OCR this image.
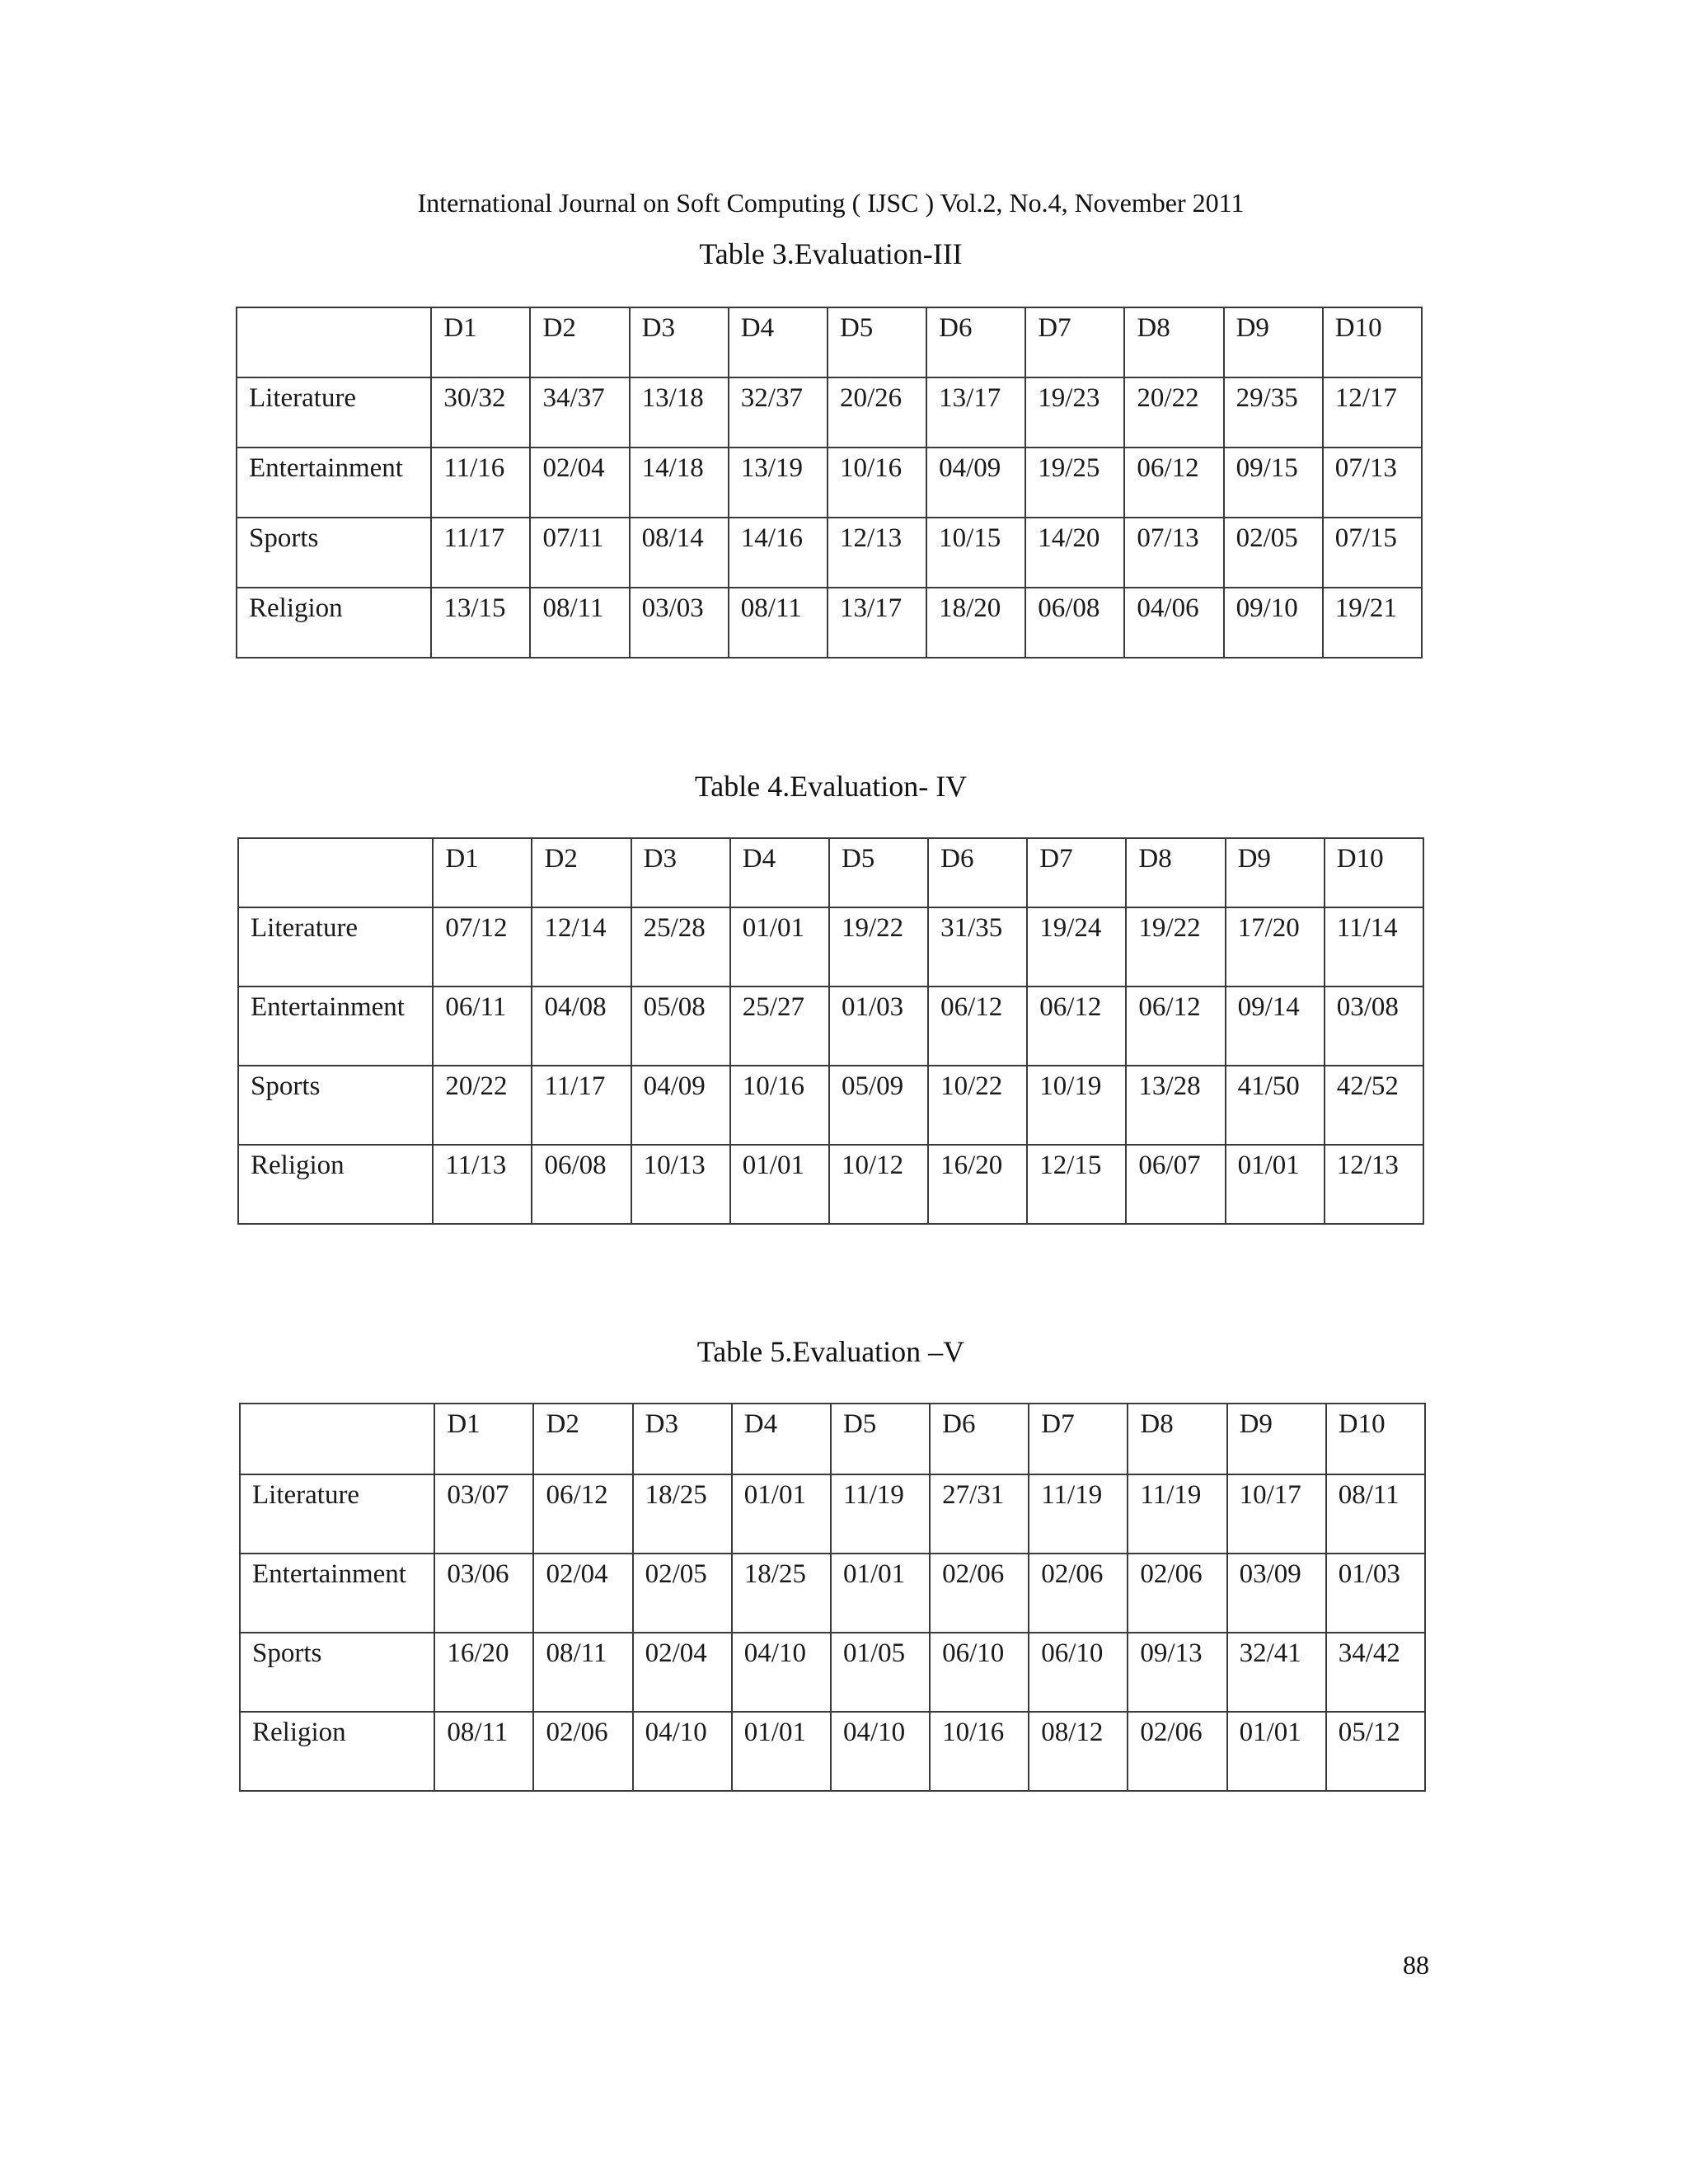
International Journal on Soft Computing ( IJSC ) Vol.2, No.4, November 2011
Table 3.Evaluation-III
	D1	D2	D3	D4	D5	D6	D7	D8	D9	D10
Literature	30/32	34/37	13/18	32/37	20/26	13/17	19/23	20/22	29/35	12/17
Entertainment	11/16	02/04	14/18	13/19	10/16	04/09	19/25	06/12	09/15	07/13
Sports	11/17	07/11	08/14	14/16	12/13	10/15	14/20	07/13	02/05	07/15
Religion	13/15	08/11	03/03	08/11	13/17	18/20	06/08	04/06	09/10	19/21
Table 4.Evaluation- IV
	D1	D2	D3	D4	D5	D6	D7	D8	D9	D10
Literature	07/12	12/14	25/28	01/01	19/22	31/35	19/24	19/22	17/20	11/14
Entertainment	06/11	04/08	05/08	25/27	01/03	06/12	06/12	06/12	09/14	03/08
Sports	20/22	11/17	04/09	10/16	05/09	10/22	10/19	13/28	41/50	42/52
Religion	11/13	06/08	10/13	01/01	10/12	16/20	12/15	06/07	01/01	12/13
Table 5.Evaluation –V
	D1	D2	D3	D4	D5	D6	D7	D8	D9	D10
Literature	03/07	06/12	18/25	01/01	11/19	27/31	11/19	11/19	10/17	08/11
Entertainment	03/06	02/04	02/05	18/25	01/01	02/06	02/06	02/06	03/09	01/03
Sports	16/20	08/11	02/04	04/10	01/05	06/10	06/10	09/13	32/41	34/42
Religion	08/11	02/06	04/10	01/01	04/10	10/16	08/12	02/06	01/01	05/12
88
